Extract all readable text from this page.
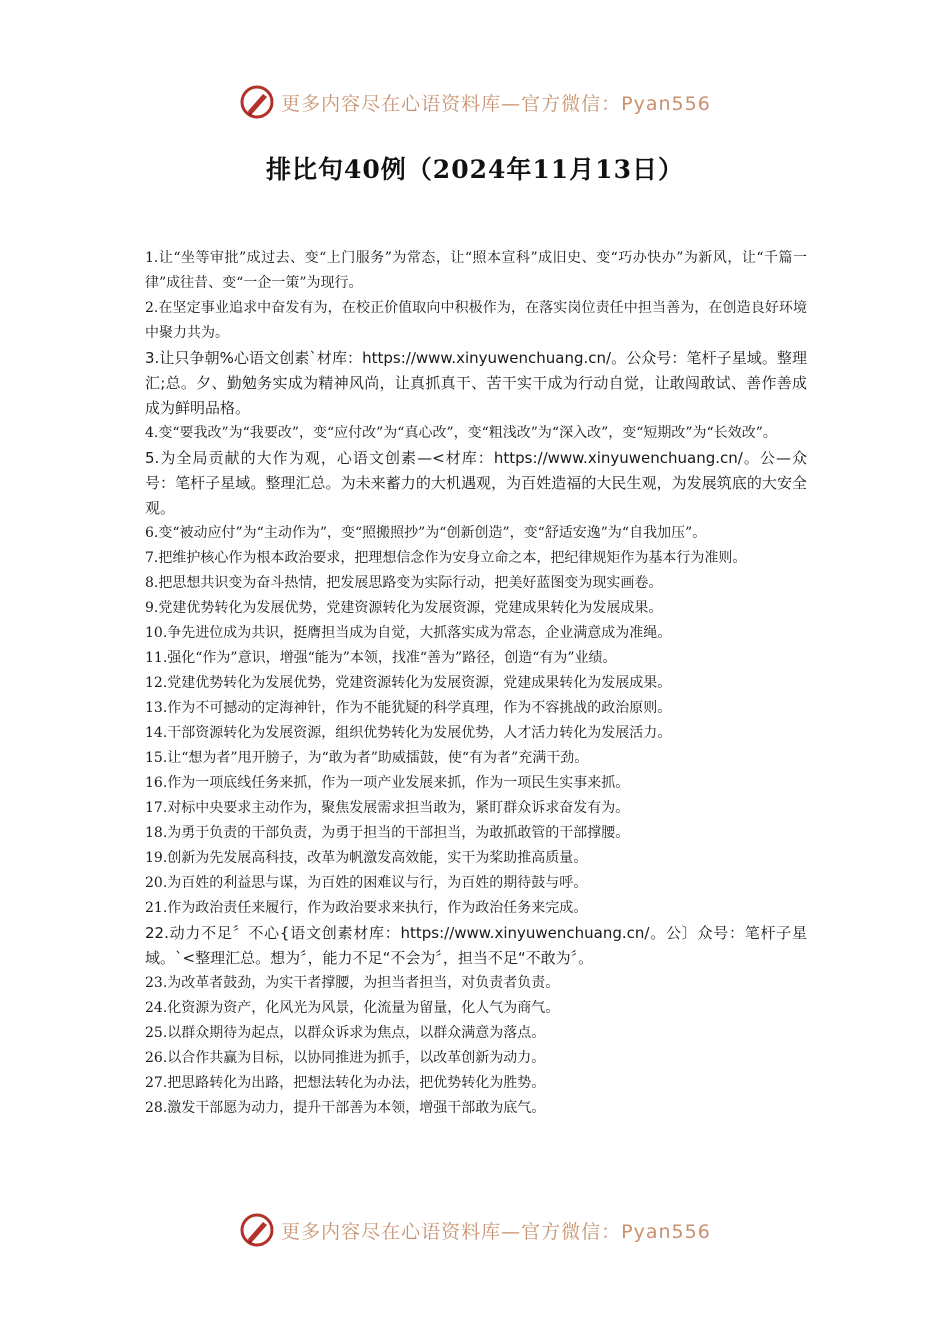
更多内容尽在心语资料库—官方微信：Pyan556
排比句40例（2024年11月13日）

1.让“坐等审批”成过去、变“上门服务”为常态，让“照本宣科”成旧史、变“巧办快办”为新风，让“千篇一律”成往昔、变“一企一策”为现行。

2.在坚定事业追求中奋发有为，在校正价值取向中积极作为，在落实岗位责任中担当善为，在创造良好环境中聚力共为。

3.让只争朝%心语文创素`材库：https://www.xinyuwenchuang.cn/。公众号：笔杆子星域。整理汇;总。夕、勤勉务实成为精神风尚，让真抓真干、苦干实干成为行动自觉，让敢闯敢试、善作善成成为鲜明品格。

4.变“要我改”为“我要改”，变“应付改”为“真心改”，变“粗浅改”为“深入改”，变“短期改”为“长效改”。

5.为全局贡献的大作为观，心语文创素—<材库：https://www.xinyuwenchuang.cn/。公—众号：笔杆子星域。整理汇总。为未来蓄力的大机遇观，为百姓造福的大民生观，为发展筑底的大安全观。

6.变“被动应付”为“主动作为”，变“照搬照抄”为“创新创造”，变“舒适安逸”为“自我加压”。

7.把维护核心作为根本政治要求，把理想信念作为安身立命之本，把纪律规矩作为基本行为准则。

8.把思想共识变为奋斗热情，把发展思路变为实际行动，把美好蓝图变为现实画卷。

9.党建优势转化为发展优势，党建资源转化为发展资源，党建成果转化为发展成果。

10.争先进位成为共识，挺膺担当成为自觉，大抓落实成为常态，企业满意成为准绳。

11.强化“作为”意识，增强“能为”本领，找准“善为”路径，创造“有为”业绩。

12.党建优势转化为发展优势，党建资源转化为发展资源，党建成果转化为发展成果。

13.作为不可撼动的定海神针，作为不能犹疑的科学真理，作为不容挑战的政治原则。

14.干部资源转化为发展资源，组织优势转化为发展优势，人才活力转化为发展活力。

15.让“想为者”甩开膀子，为“敢为者”助威擂鼓，使“有为者”充满干劲。

16.作为一项底线任务来抓，作为一项产业发展来抓，作为一项民生实事来抓。

17.对标中央要求主动作为，聚焦发展需求担当敢为，紧盯群众诉求奋发有为。

18.为勇于负责的干部负责，为勇于担当的干部担当，为敢抓敢管的干部撑腰。

19.创新为先发展高科技，改革为帆激发高效能，实干为桨助推高质量。

20.为百姓的利益思与谋，为百姓的困难议与行，为百姓的期待鼓与呼。

21.作为政治责任来履行，作为政治要求来执行，作为政治任务来完成。

22.动力不足〞不心{语文创素材库：https://www.xinyuwenchuang.cn/。公〕众号：笔杆子星域。`<整理汇总。想为〞，能力不足“不会为〞，担当不足“不敢为〞。

23.为改革者鼓劲，为实干者撑腰，为担当者担当，对负责者负责。

24.化资源为资产，化风光为风景，化流量为留量，化人气为商气。

25.以群众期待为起点，以群众诉求为焦点，以群众满意为落点。

26.以合作共赢为目标，以协同推进为抓手，以改革创新为动力。

27.把思路转化为出路，把想法转化为办法，把优势转化为胜势。

28.激发干部愿为动力，提升干部善为本领，增强干部敢为底气。

更多内容尽在心语资料库—官方微信：Pyan556
